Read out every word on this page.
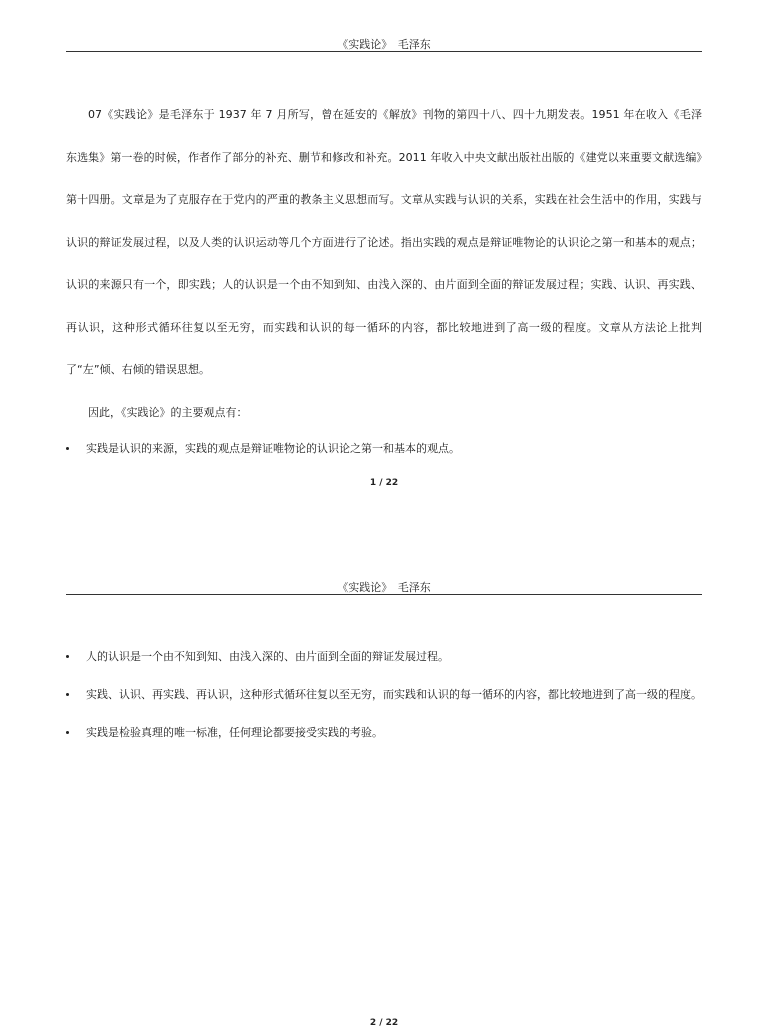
《实践论》　毛泽东

07《实践论》是毛泽东于 1937 年 7 月所写，曾在延安的《解放》刊物的第四十八、四十九期发表。1951 年在收入《毛泽东选集》第一卷的时候，作者作了部分的补充、删节和修改和补充。2011 年收入中央文献出版社出版的《建党以来重要文献选编》第十四册。文章是为了克服存在于党内的严重的教条主义思想而写。文章从实践与认识的关系，实践在社会生活中的作用，实践与认识的辩证发展过程，以及人类的认识运动等几个方面进行了论述。指出实践的观点是辩证唯物论的认识论之第一和基本的观点；认识的来源只有一个，即实践；人的认识是一个由不知到知、由浅入深的、由片面到全面的辩证发展过程；实践、认识、再实践、再认识，这种形式循环往复以至无穷，而实践和认识的每一循环的内容，都比较地进到了高一级的程度。文章从方法论上批判了“左”倾、右倾的错误思想。

因此，《实践论》的主要观点有：

实践是认识的来源，实践的观点是辩证唯物论的认识论之第一和基本的观点。
1 / 22
《实践论》　毛泽东
人的认识是一个由不知到知、由浅入深的、由片面到全面的辩证发展过程。
实践、认识、再实践、再认识，这种形式循环往复以至无穷，而实践和认识的每一循环的内容，都比较地进到了高一级的程度。
实践是检验真理的唯一标准，任何理论都要接受实践的考验。
2 / 22
